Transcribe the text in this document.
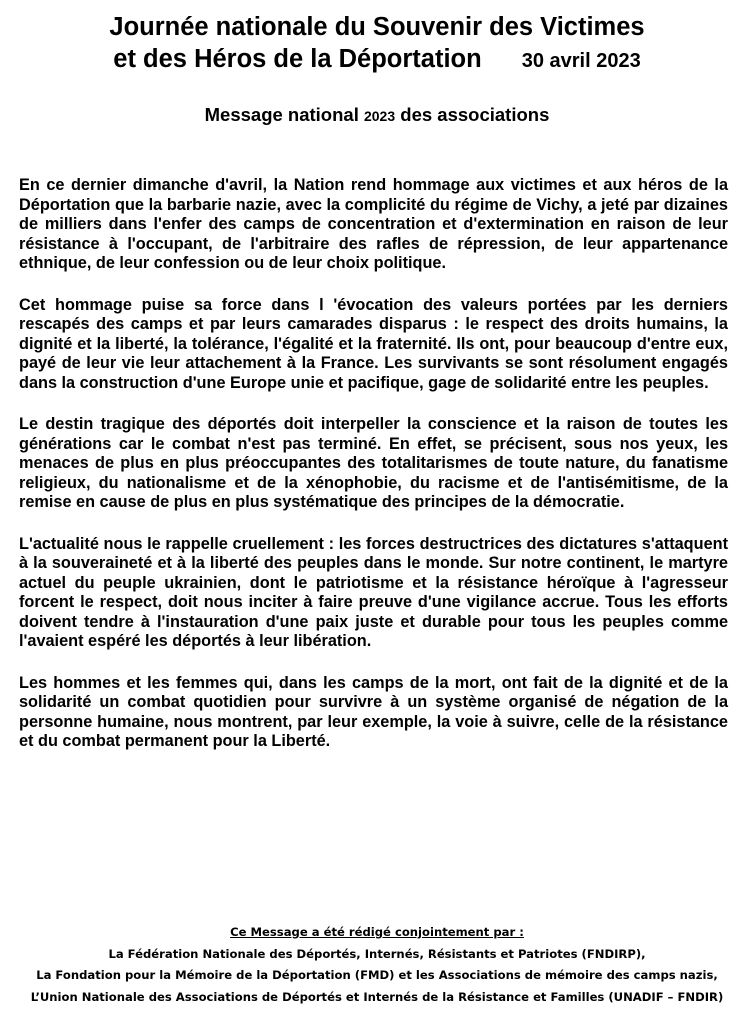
Journée nationale du Souvenir des Victimes
et des Héros de la Déportation 30 avril 2023
Message national 2023 des associations

En ce dernier dimanche d'avril, la Nation rend hommage aux victimes et aux héros de la Déportation que la barbarie nazie, avec la complicité du régime de Vichy, a jeté par dizaines de milliers dans l'enfer des camps de concentration et d'extermination en raison de leur résistance à l'occupant, de l'arbitraire des rafles de répression, de leur appartenance ethnique, de leur confession ou de leur choix politique.

Cet hommage puise sa force dans l 'évocation des valeurs portées par les derniers rescapés des camps et par leurs camarades disparus : le respect des droits humains, la dignité et la liberté, la tolérance, l'égalité et la fraternité. Ils ont, pour beaucoup d'entre eux, payé de leur vie leur attachement à la France. Les survivants se sont résolument engagés dans la construction d'une Europe unie et pacifique, gage de solidarité entre les peuples.

Le destin tragique des déportés doit interpeller la conscience et la raison de toutes les générations car le combat n'est pas terminé. En effet, se précisent, sous nos yeux, les menaces de plus en plus préoccupantes des totalitarismes de toute nature, du fanatisme religieux, du nationalisme et de la xénophobie, du racisme et de l'antisémitisme, de la remise en cause de plus en plus systématique des principes de la démocratie.

L'actualité nous le rappelle cruellement : les forces destructrices des dictatures s'attaquent à la souveraineté et à la liberté des peuples dans le monde. Sur notre continent, le martyre actuel du peuple ukrainien, dont le patriotisme et la résistance héroïque à l'agresseur forcent le respect, doit nous inciter à faire preuve d'une vigilance accrue. Tous les efforts doivent tendre à l'instauration d'une paix juste et durable pour tous les peuples comme l'avaient espéré les déportés à leur libération.

Les hommes et les femmes qui, dans les camps de la mort, ont fait de la dignité et de la solidarité un combat quotidien pour survivre à un système organisé de négation de la personne humaine, nous montrent, par leur exemple, la voie à suivre, celle de la résistance et du combat permanent pour la Liberté.

Ce Message a été rédigé conjointement par :
La Fédération Nationale des Déportés, Internés, Résistants et Patriotes (FNDIRP),
La Fondation pour la Mémoire de la Déportation (FMD) et les Associations de mémoire des camps nazis,
L’Union Nationale des Associations de Déportés et Internés de la Résistance et Familles (UNADIF – FNDIR)
